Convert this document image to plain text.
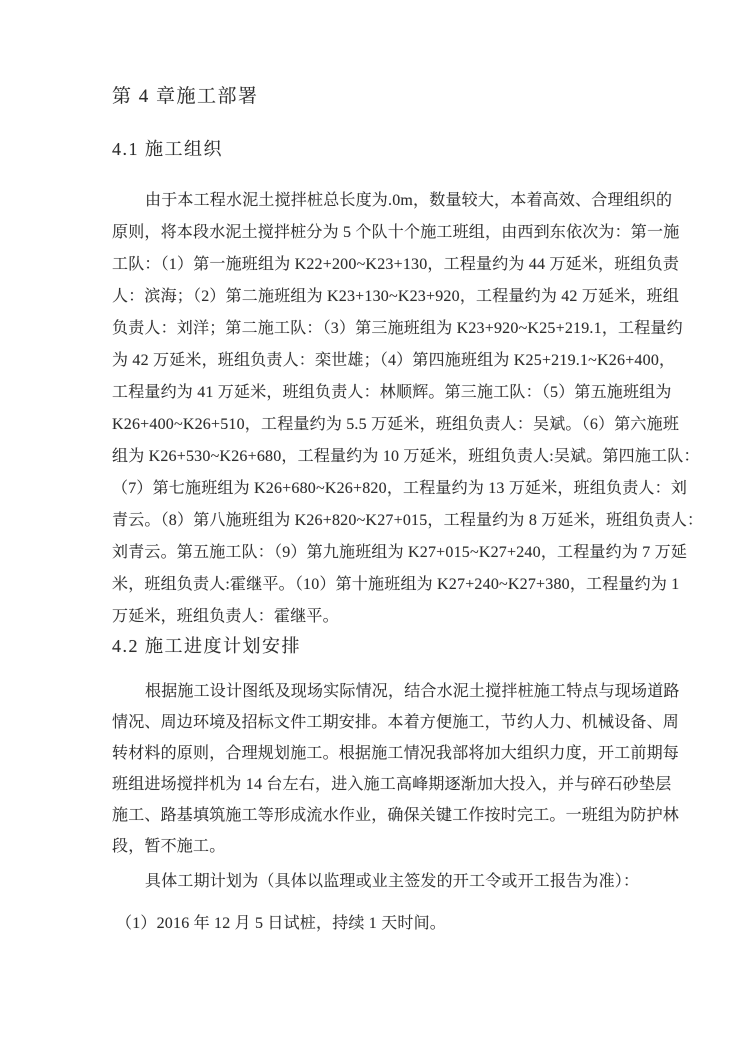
第 4 章施工部署
4.1 施工组织
由于本工程水泥土搅拌桩总长度为.0m，数量较大，本着高效、合理组织的
原则，将本段水泥土搅拌桩分为 5 个队十个施工班组，由西到东依次为：第一施
工队：（1）第一施班组为 K22+200~K23+130，工程量约为 44 万延米，班组负责
人：滨海；（2）第二施班组为 K23+130~K23+920，工程量约为 42 万延米，班组
负责人：刘洋；第二施工队：（3）第三施班组为 K23+920~K25+219.1，工程量约
为 42 万延米，班组负责人：栾世雄；（4）第四施班组为 K25+219.1~K26+400，
工程量约为 41 万延米，班组负责人：林顺辉。第三施工队：（5）第五施班组为
K26+400~K26+510，工程量约为 5.5 万延米，班组负责人：吴斌。（6）第六施班
组为 K26+530~K26+680，工程量约为 10 万延米，班组负责人:吴斌。第四施工队：
（7）第七施班组为 K26+680~K26+820，工程量约为 13 万延米，班组负责人：刘
青云。（8）第八施班组为 K26+820~K27+015，工程量约为 8 万延米，班组负责人：
刘青云。第五施工队：（9）第九施班组为 K27+015~K27+240，工程量约为 7 万延
米，班组负责人:霍继平。（10）第十施班组为 K27+240~K27+380，工程量约为 1
万延米，班组负责人：霍继平。
4.2 施工进度计划安排
根据施工设计图纸及现场实际情况，结合水泥土搅拌桩施工特点与现场道路
情况、周边环境及招标文件工期安排。本着方便施工，节约人力、机械设备、周
转材料的原则，合理规划施工。根据施工情况我部将加大组织力度，开工前期每
班组进场搅拌机为 14 台左右，进入施工高峰期逐渐加大投入，并与碎石砂垫层
施工、路基填筑施工等形成流水作业，确保关键工作按时完工。一班组为防护林
段，暂不施工。
具体工期计划为（具体以监理或业主签发的开工令或开工报告为准）：
（1）2016 年 12 月 5 日试桩，持续 1 天时间。
